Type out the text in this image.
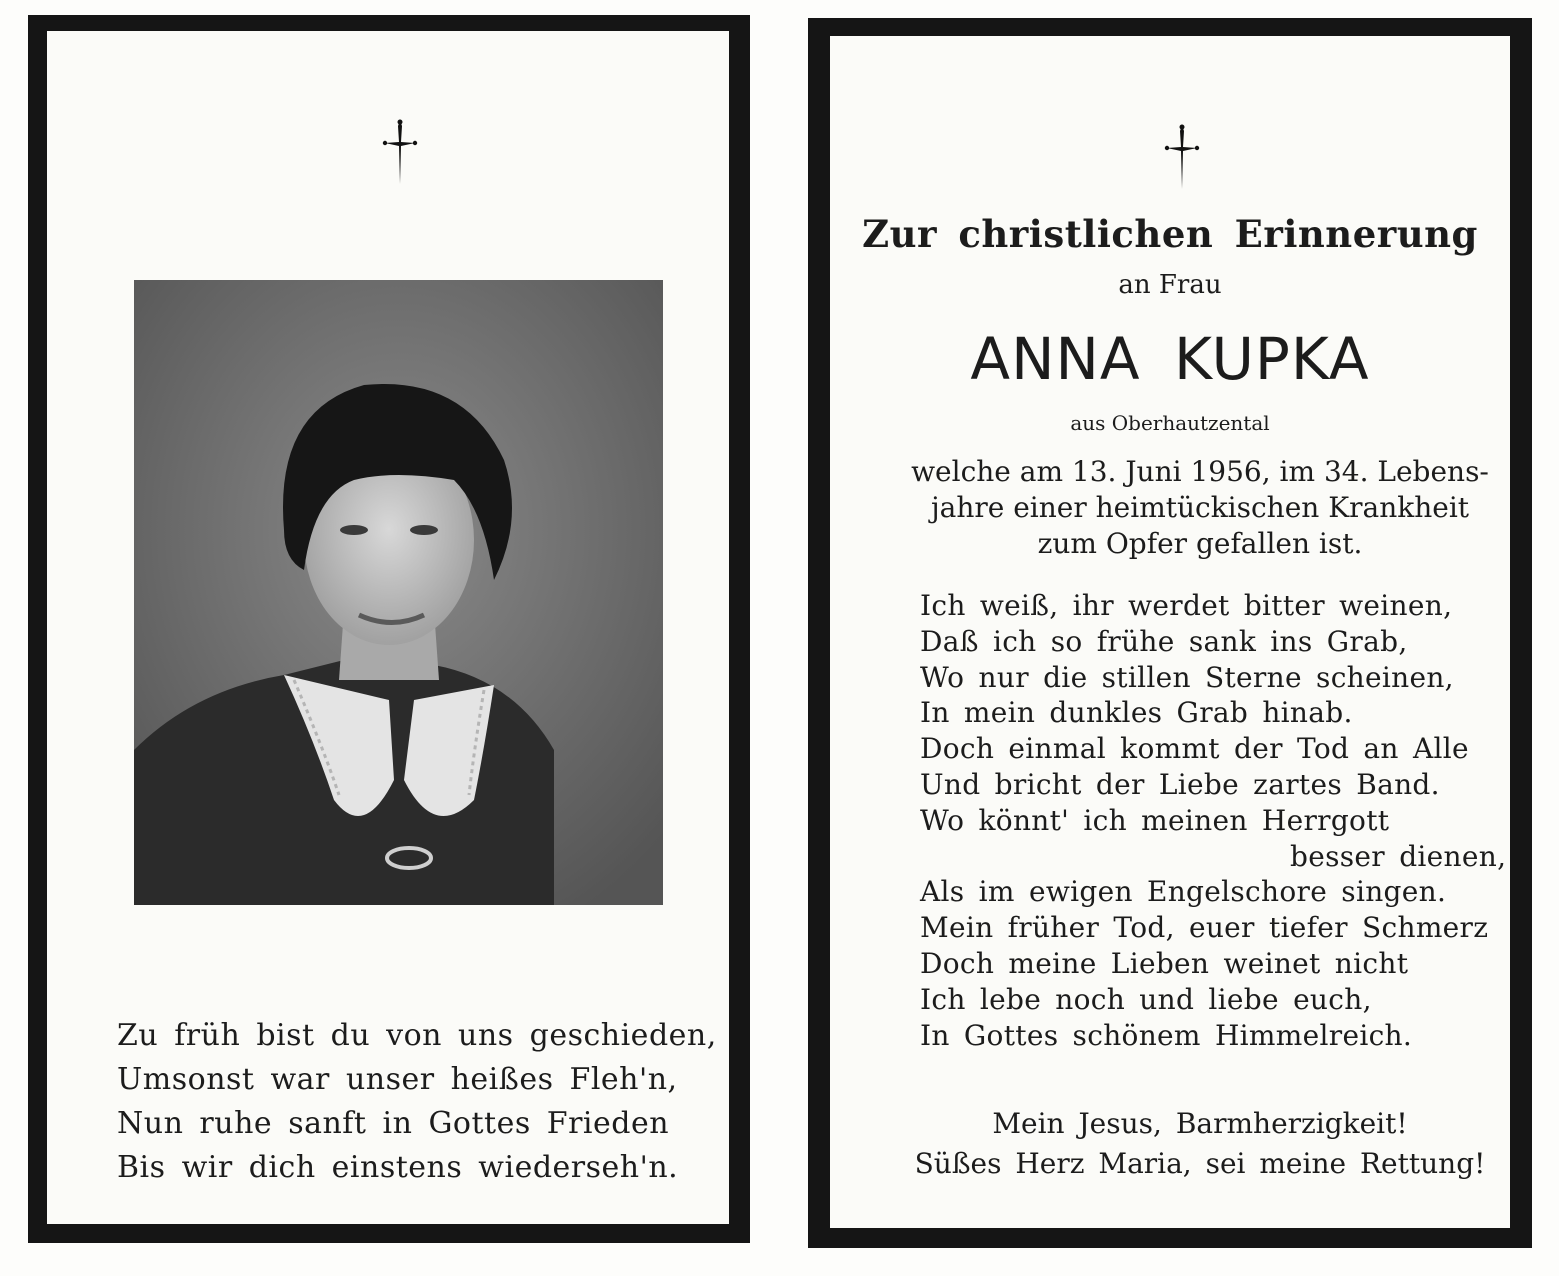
Zu früh bist du von uns geschieden,
Umsonst war unser heißes Fleh'n,
Nun ruhe sanft in Gottes Frieden
Bis wir dich einstens wiederseh'n.
Zur christlichen Erinnerung
an Frau
ANNA KUPKA
aus Oberhautzental
welche am 13. Juni 1956, im 34. Lebens-
jahre einer heimtückischen Krankheit
zum Opfer gefallen ist.
Ich weiß, ihr werdet bitter weinen,
Daß ich so frühe sank ins Grab,
Wo nur die stillen Sterne scheinen,
In mein dunkles Grab hinab.
Doch einmal kommt der Tod an Alle
Und bricht der Liebe zartes Band.
Wo könnt' ich meinen Herrgott
besser dienen,
Als im ewigen Engelschore singen.
Mein früher Tod, euer tiefer Schmerz
Doch meine Lieben weinet nicht
Ich lebe noch und liebe euch,
In Gottes schönem Himmelreich.
Mein Jesus, Barmherzigkeit!
Süßes Herz Maria, sei meine Rettung!
